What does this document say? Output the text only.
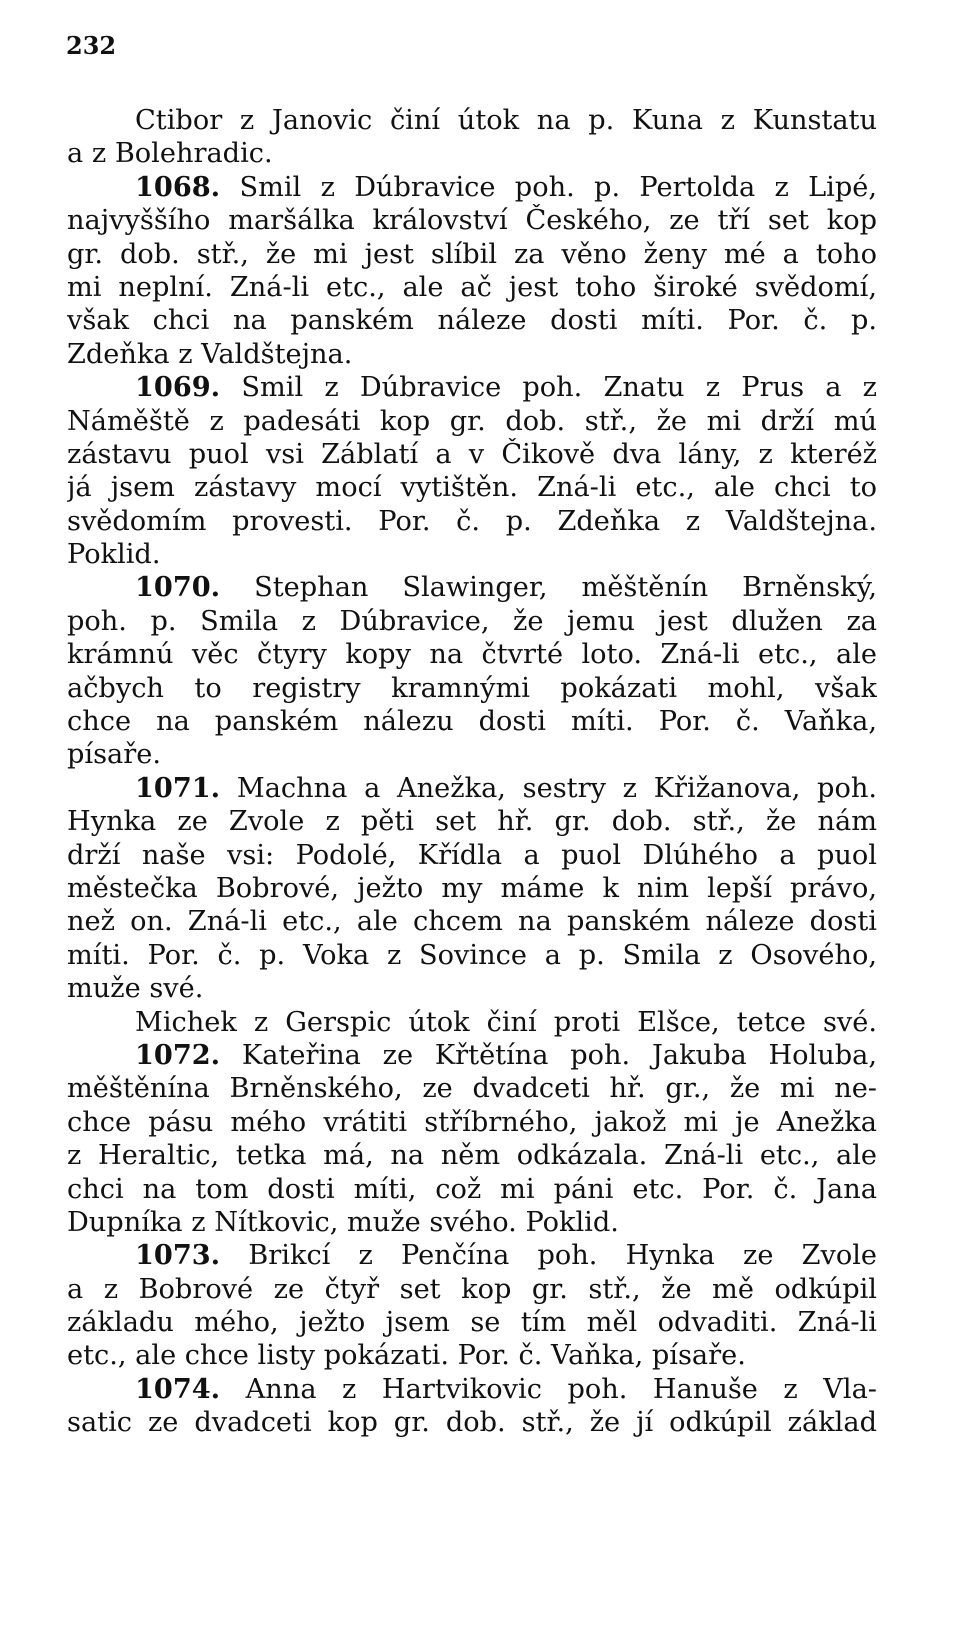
232
Ctibor z Janovic činí útok na p. Kuna z Kunstatu
a z Bolehradic.
1068. Smil z Dúbravice poh. p. Pertolda z Lipé,
najvyššího maršálka království Českého, ze tří set kop
gr. dob. stř., že mi jest slíbil za věno ženy mé a toho
mi neplní. Zná-li etc., ale ač jest toho široké svědomí,
však chci na panském náleze dosti míti. Por. č. p.
Zdeňka z Valdštejna.
1069. Smil z Dúbravice poh. Znatu z Prus a z
Náměště z padesáti kop gr. dob. stř., že mi drží mú
zástavu puol vsi Záblatí a v Čikově dva lány, z kteréž
já jsem zástavy mocí vytištěn. Zná-li etc., ale chci to
svědomím provesti. Por. č. p. Zdeňka z Valdštejna.
Poklid.
1070. Stephan Slawinger, měštěnín Brněnský,
poh. p. Smila z Dúbravice, že jemu jest dlužen za
krámnú věc čtyry kopy na čtvrté loto. Zná-li etc., ale
ačbych to registry kramnými pokázati mohl, však
chce na panském nálezu dosti míti. Por. č. Vaňka,
písaře.
1071. Machna a Anežka, sestry z Křižanova, poh.
Hynka ze Zvole z pěti set hř. gr. dob. stř., že nám
drží naše vsi: Podolé, Křídla a puol Dlúhého a puol
městečka Bobrové, ježto my máme k nim lepší právo,
než on. Zná-li etc., ale chcem na panském náleze dosti
míti. Por. č. p. Voka z Sovince a p. Smila z Osového,
muže své.
Michek z Gerspic útok činí proti Elšce, tetce své.
1072. Kateřina ze Křtětína poh. Jakuba Holuba,
měštěnína Brněnského, ze dvadceti hř. gr., že mi ne-
chce pásu mého vrátiti stříbrného, jakož mi je Anežka
z Heraltic, tetka má, na něm odkázala. Zná-li etc., ale
chci na tom dosti míti, což mi páni etc. Por. č. Jana
Dupníka z Nítkovic, muže svého. Poklid.
1073. Brikcí z Penčína poh. Hynka ze Zvole
a z Bobrové ze čtyř set kop gr. stř., že mě odkúpil
základu mého, ježto jsem se tím měl odvaditi. Zná-li
etc., ale chce listy pokázati. Por. č. Vaňka, písaře.
1074. Anna z Hartvikovic poh. Hanuše z Vla-
satic ze dvadceti kop gr. dob. stř., že jí odkúpil základ
